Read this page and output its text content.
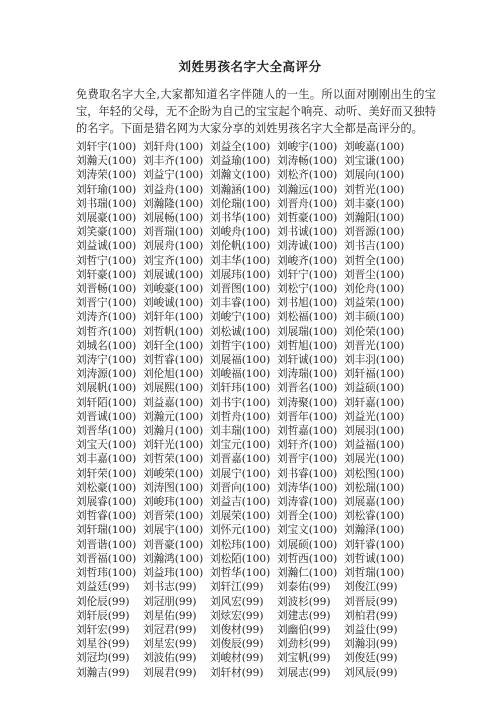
刘姓男孩名字大全高评分
免费取名字大全,大家都知道名字伴随人的一生。所以面对刚刚出生的宝宝，年轻的父母，无不企盼为自己的宝宝起个响亮、动听、美好而又独特的名字。下面是猎名网为大家分享的刘姓男孩名字大全都是高评分的。
刘轩宇(100) 刘轩舟(100) 刘益全(100) 刘峻宇(100) 刘峻嘉(100)
刘瀚天(100) 刘丰齐(100) 刘益瑜(100) 刘涛畅(100) 刘宝谦(100)
刘涛荣(100) 刘益宁(100) 刘瀚文(100) 刘松齐(100) 刘展向(100)
刘轩瑜(100) 刘益舟(100) 刘瀚涵(100) 刘瀚远(100) 刘哲光(100)
刘书瑞(100) 刘瀚隆(100) 刘伦瑞(100) 刘晋舟(100) 刘丰豪(100)
刘展豪(100) 刘展畅(100) 刘书华(100) 刘哲豪(100) 刘瀚阳(100)
刘笑豪(100) 刘晋瑞(100) 刘峻舟(100) 刘书诚(100) 刘晋源(100)
刘益诚(100) 刘展舟(100) 刘伦帆(100) 刘涛诚(100) 刘书吉(100)
刘哲宁(100) 刘宝齐(100) 刘丰华(100) 刘峻齐(100) 刘哲全(100)
刘轩豪(100) 刘展诚(100) 刘展玮(100) 刘轩宁(100) 刘晋尘(100)
刘晋畅(100) 刘峻豪(100) 刘晋图(100) 刘松宁(100) 刘伦舟(100)
刘晋宁(100) 刘峻诚(100) 刘丰睿(100) 刘书旭(100) 刘益荣(100)
刘涛齐(100) 刘轩年(100) 刘峻宁(100) 刘松福(100) 刘丰硕(100)
刘哲齐(100) 刘哲帆(100) 刘松诚(100) 刘展瑞(100) 刘伦荣(100)
刘城名(100) 刘轩全(100) 刘哲宇(100) 刘哲旭(100) 刘晋光(100)
刘涛宁(100) 刘哲睿(100) 刘展福(100) 刘轩诚(100) 刘丰羽(100)
刘涛源(100) 刘伦旭(100) 刘峻福(100) 刘涛瑞(100) 刘轩福(100)
刘展帆(100) 刘展熙(100) 刘轩玮(100) 刘晋名(100) 刘益硕(100)
刘轩陌(100) 刘益嘉(100) 刘书宇(100) 刘涛聚(100) 刘轩嘉(100)
刘晋诚(100) 刘瀚元(100) 刘哲舟(100) 刘晋年(100) 刘益光(100)
刘晋华(100) 刘瀚月(100) 刘丰瑞(100) 刘哲嘉(100) 刘展羽(100)
刘宝天(100) 刘轩光(100) 刘宝元(100) 刘轩齐(100) 刘益福(100)
刘丰嘉(100) 刘哲荣(100) 刘晋嘉(100) 刘晋宇(100) 刘展光(100)
刘轩荣(100) 刘峻荣(100) 刘展宁(100) 刘书睿(100) 刘松图(100)
刘松豪(100) 刘涛图(100) 刘晋向(100) 刘涛华(100) 刘松瑞(100)
刘展睿(100) 刘峻玮(100) 刘益吉(100) 刘涛睿(100) 刘展嘉(100)
刘哲睿(100) 刘晋荣(100) 刘展荣(100) 刘晋全(100) 刘松睿(100)
刘轩瑞(100) 刘展宇(100) 刘怀元(100) 刘宝文(100) 刘瀚泽(100)
刘晋谐(100) 刘晋豪(100) 刘松玮(100) 刘展硕(100) 刘轩睿(100)
刘晋福(100) 刘瀚鸿(100) 刘松陌(100) 刘哲西(100) 刘哲诚(100)
刘哲玮(100) 刘益玮(100) 刘哲华(100) 刘瀚仁(100) 刘哲瑞(100)
刘益廷(99)	刘书志(99)	刘轩江(99)	刘泰佑(99)	刘俊江(99)
刘伦辰(99)	刘冠朋(99)	刘风宏(99)	刘波杉(99)	刘晋辰(99)
刘轩辰(99)	刘星佑(99)	刘炫宏(99)	刘建志(99)	刘柏君(99)
刘轩宏(99)	刘冠君(99)	刘俊材(99)	刘幽伯(99)	刘益仕(99)
刘星谷(99)	刘星宏(99)	刘俊辰(99)	刘劲杉(99)	刘瀚羽(99)
刘冠均(99)	刘波佑(99)	刘峻材(99)	刘宝帆(99)	刘俊廷(99)
刘瀚吉(99)	刘展君(99)	刘轩材(99)	刘展志(99)	刘风辰(99)
